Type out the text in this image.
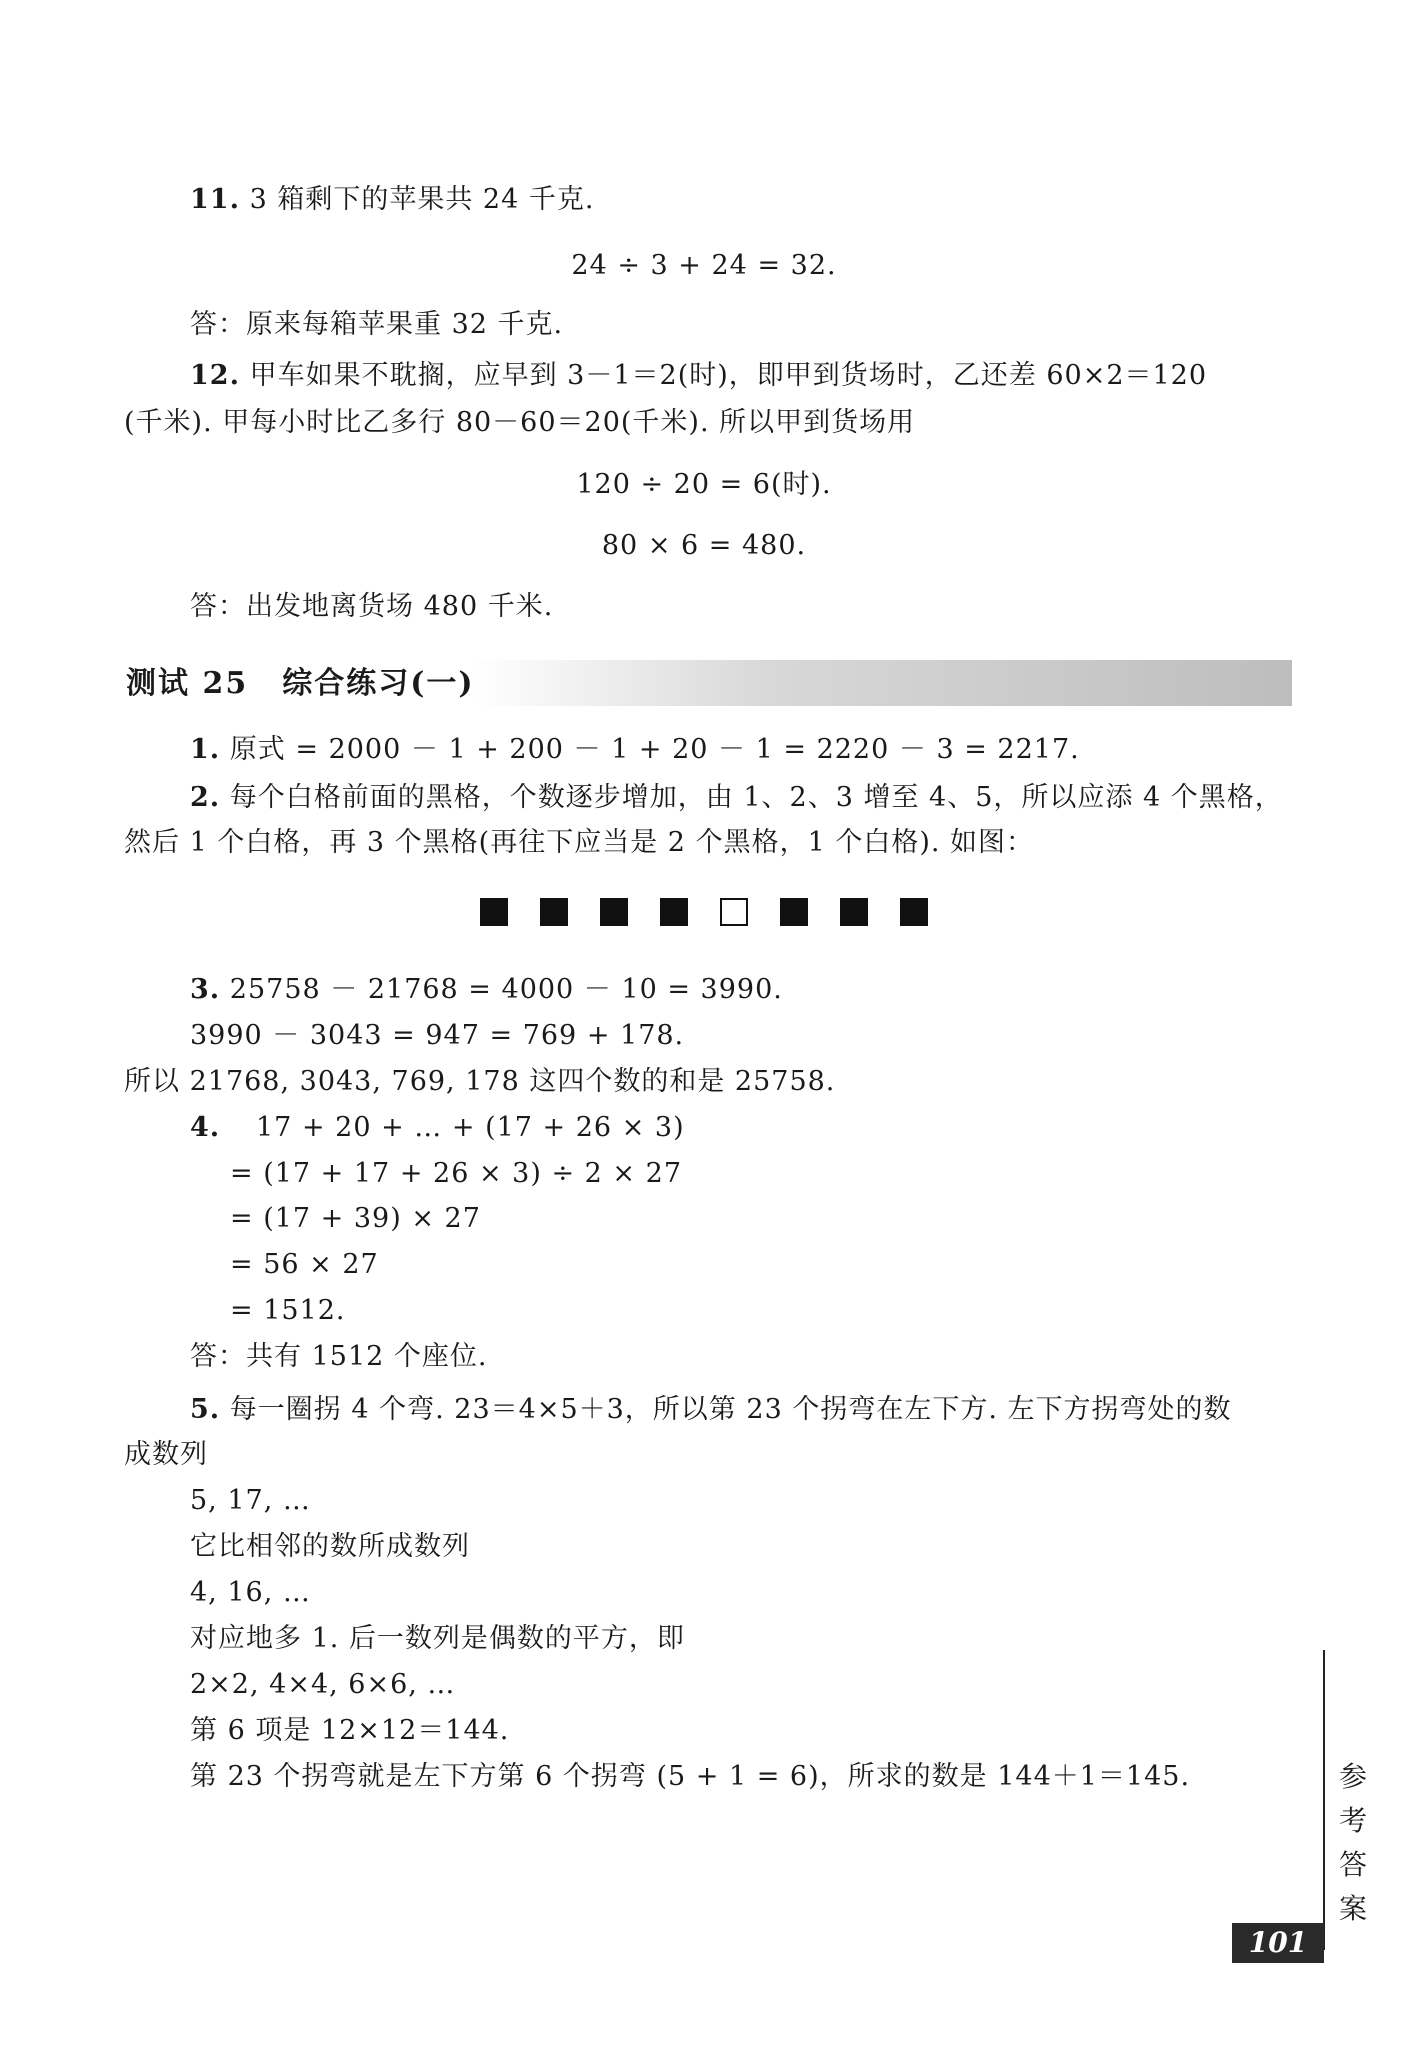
11. 3 箱剩下的苹果共 24 千克.
24 ÷ 3 + 24 = 32.
答：原来每箱苹果重 32 千克.
12. 甲车如果不耽搁，应早到 3－1＝2(时)，即甲到货场时，乙还差 60×2＝120
(千米). 甲每小时比乙多行 80－60＝20(千米). 所以甲到货场用
120 ÷ 20 = 6(时).
80 × 6 = 480.
答：出发地离货场 480 千米.
测试 25 综合练习(一)
1. 原式 = 2000 － 1 + 200 － 1 + 20 － 1 = 2220 － 3 = 2217.
2. 每个白格前面的黑格，个数逐步增加，由 1、2、3 增至 4、5，所以应添 4 个黑格，
然后 1 个白格，再 3 个黑格(再往下应当是 2 个黑格，1 个白格). 如图：
3. 25758 － 21768 = 4000 － 10 = 3990.
3990 － 3043 = 947 = 769 + 178.
所以 21768, 3043, 769, 178 这四个数的和是 25758.
4. 17 + 20 + … + (17 + 26 × 3)
= (17 + 17 + 26 × 3) ÷ 2 × 27
= (17 + 39) × 27
= 56 × 27
= 1512.
答：共有 1512 个座位.
5. 每一圈拐 4 个弯. 23＝4×5＋3，所以第 23 个拐弯在左下方. 左下方拐弯处的数
成数列
5, 17, …
它比相邻的数所成数列
4, 16, …
对应地多 1. 后一数列是偶数的平方，即
2×2, 4×4, 6×6, …
第 6 项是 12×12＝144.
第 23 个拐弯就是左下方第 6 个拐弯 (5 + 1 = 6)，所求的数是 144＋1＝145.	参
考
答
案
101
